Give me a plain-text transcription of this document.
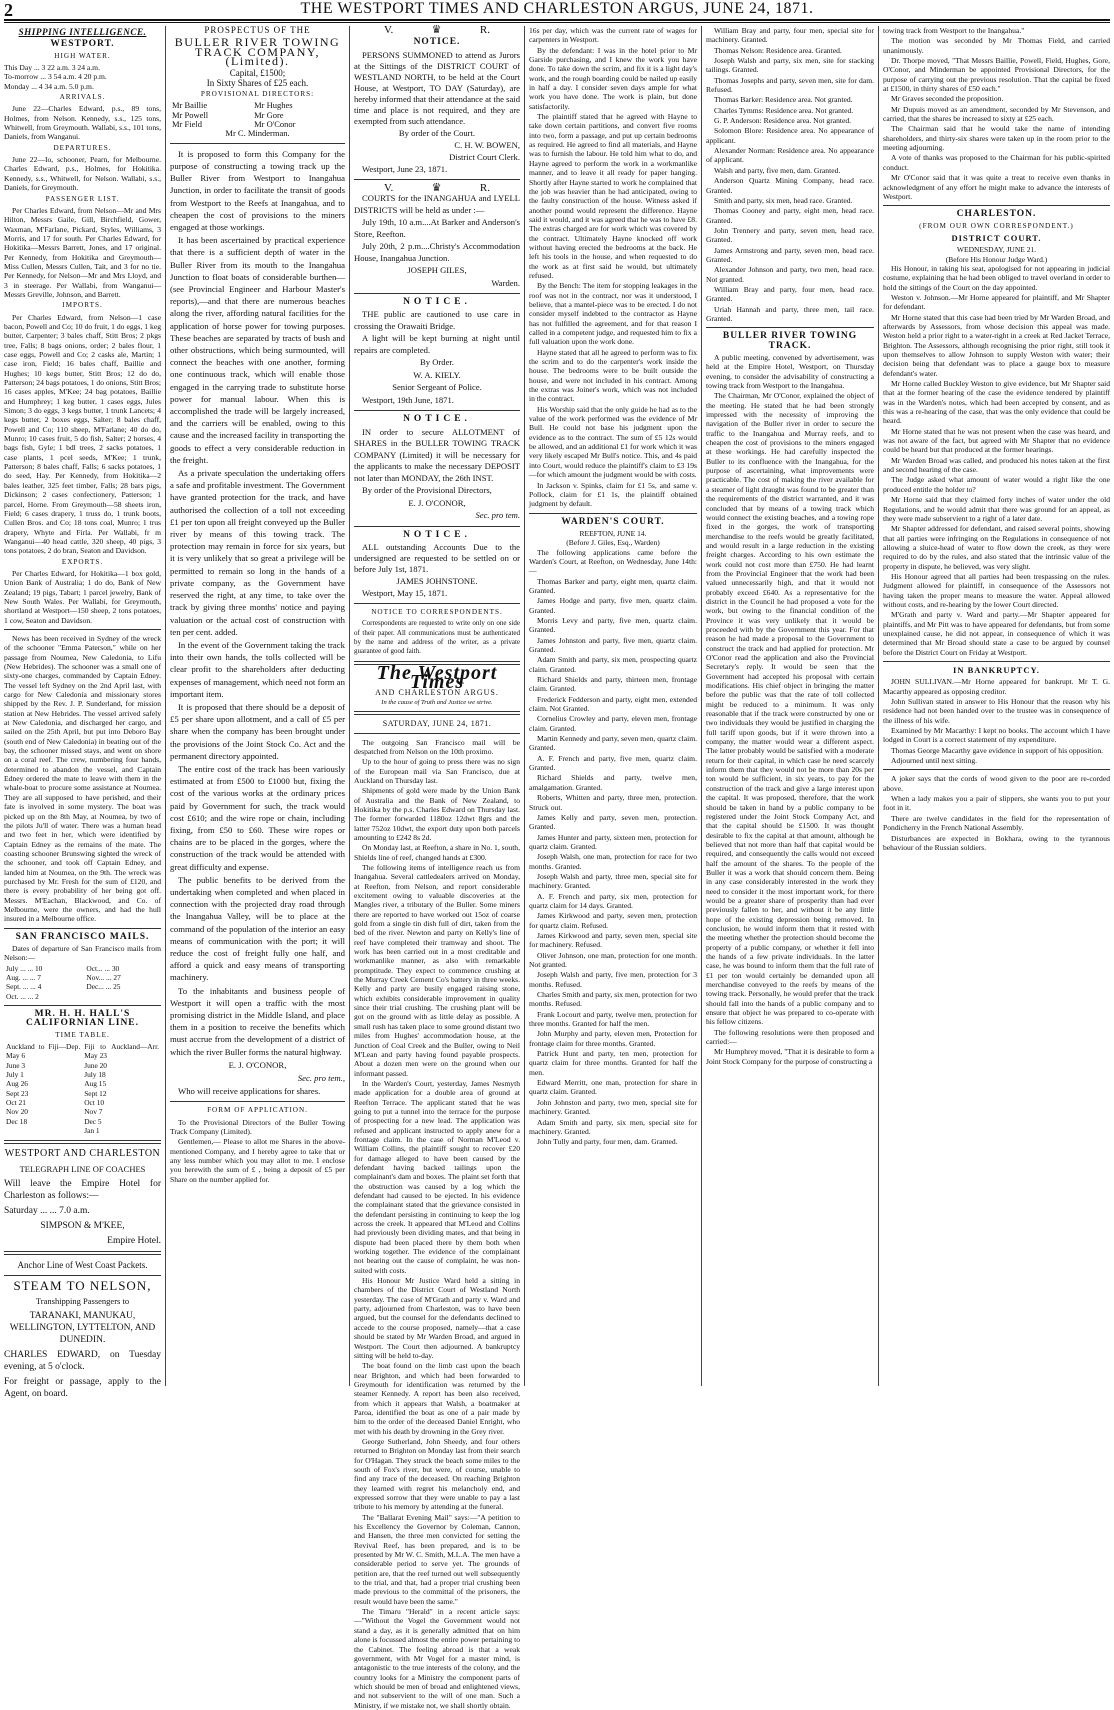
2	THE WESTPORT TIMES AND CHARLESTON ARGUS, JUNE 24, 1871.
SHIPPING INTELLIGENCE.
WESTPORT.
HIGH WATER.
This Day ... 3 22 a.m. 3 24 a.m.
To-morrow ... 3 54 a.m. 4 20 p.m.
Monday ... 4 34 a.m. 5.0 p.m.
ARRIVALS.

June 22—Charles Edward, p.s., 89 tons, Holmes, from Nelson. Kennedy, s.s., 125 tons, Whitwell, from Greymouth. Wallabi, s.s., 101 tons, Daniels, from Wanganui.

DEPARTURES.

June 22—Io, schooner, Pearn, for Melbourne. Charles Edward, p.s., Holmes, for Hokitika. Kennedy, s.s., Whitwell, for Nelson. Wallabi, s.s., Daniels, for Greymouth.

PASSENGER LIST.

Per Charles Edward, from Nelson—Mr and Mrs Hilton, Messrs Gaile, Gill, Birchfield, Gower, Waxman, M'Farlane, Pickard, Styles, Williams, 3 Morris, and 17 for south. Per Charles Edward, for Hokitika—Messrs Barrett, Jones, and 17 original. Per Kennedy, from Hokitika and Greymouth—Miss Cullen, Messrs Cullen, Tait, and 3 for no tie. Per Kennedy, for Nelson—Mr and Mrs Lloyd, and 3 in steerage. Per Wallabi, from Wanganui—Messrs Greville, Johnson, and Barrett.

IMPORTS.

Per Charles Edward, from Nelson—1 case bacon, Powell and Co; 10 do fruit, 1 do eggs, 1 keg butter, Carpenter; 3 bales chaff, Stitt Bros; 2 pkgs tree, Falls; 8 bags onions, order; 2 bales flour, 1 case eggs, Powell and Co; 2 casks ale, Martin; 1 case iron, Field; 16 bales chaff, Baillie and Hughes; 10 kegs butter, Stitt Bros; 12 do do, Patterson; 24 bags potatoes, 1 do onions, Stitt Bros; 16 cases apples, M'Kee; 24 bag potatoes, Baillie and Humphrey; 1 keg butter, 1 cases eggs, Jules Simon; 3 do eggs, 3 kegs butter, 1 trunk Lancets; 4 kegs butter, 2 boxes eggs, Salter; 8 bales chaff, Powell and Co; 110 sheep, M'Farlane; 40 do do, Munro; 10 cases fruit, 5 do fish, Salter; 2 horses, 4 bags fish, Gyle; 1 bdl trees, 2 sacks potatoes, 1 case plants, 1 pcel seeds, M'Kee; 1 trunk, Patterson; 8 bales chaff, Falls; 6 sacks potatoes, 1 do seed, Hay. Per Kennedy, from Hokitika—2 bales leather, 325 feet timber, Falls; 28 bars pigs, Dickinson; 2 cases confectionery, Patterson; 1 parcel, Horne. From Greymouth—58 sheets iron, Field; 6 cases drapery, 1 truss do, 1 trunk boots, Cullen Bros. and Co; 18 tons coal, Munro; 1 trus drapery, Whyte and Firla. Per Wallabi, fr m Wanganui—40 head cattle, 320 sheep, 40 pigs, 3 tons potatoes, 2 do bran, Seaton and Davidson.

EXPORTS.

Per Charles Edward, for Hokitika—1 box gold, Union Bank of Australia; 1 do do, Bank of New Zealand; 19 pigs, Tabart; 1 parcel jewelry, Bank of New South Wales. Per Wallabi, for Greymouth, shortland at Westport—150 sheep, 2 tons potatoes, 1 cow, Seaton and Davidson.

News has been received in Sydney of the wreck of the schooner "Emma Paterson," while on her passage from Noumea, New Caledonia, to Lifu (New Hebrides). The schooner was a small one of sixty-one charges, commanded by Captain Edney. The vessel left Sydney on the 2nd April last, with cargo for New Caledonia and missionary stores shipped by the Rev. J. P. Sunderland, for mission station at New Hebrides. The vessel arrived safely at New Caledonia, and discharged her cargo, and sailed on the 25th April, but put into Deboro Bay (south end of New Caledonia) in beating out of the bay, the schooner missed stays, and went on shore on a coral reef. The crew, numbering four hands, determined to abandon the vessel, and Captain Edney ordered the mate to leave with them in the whale-boat to procure some assistance at Noumea. They are all supposed to have perished, and their fate is involved in some mystery. The boat was picked up on the 8th May, at Noumea, by two of the pilots Ju'll of water. There was a human head and two feet in her, which were identified by Captain Edney as the remains of the mate. The coasting schooner Brunswing sighted the wreck of the schooner, and took off Captain Edney, and landed him at Noumea, on the 9th. The wreck was purchased by Mr. Fresh for the sum of £120, and there is every probability of her being got off. Messrs. M'Eachan, Blackwood, and Co. of Melbourne, were the owners, and had the hull insured in a Melbourne office.

SAN FRANCISCO MAILS.

Dates of departure of San Francisco mails from Nelson:—

July ... ... 10	Oct... ... 30
Aug. ... ... 7	Nov... ... 27
Sept. ... ... 4	Dec... ... 25
Oct. ... ... 2	
MR. H. H. HALL'S CALIFORNIAN LINE.
TIME TABLE.
Auckland to Fiji—Dep. May 6	Fiji to Auckland—Arr. May 23
June 3	June 20
July 1	July 18
Aug 26	Aug 15
Sept 23	Sept 12
Oct 21	Oct 10
Nov 20	Nov 7
Dec 18	Dec 5
	Jan 1

WESTPORT AND CHARLESTON

TELEGRAPH LINE OF COACHES

Will leave the Empire Hotel for Charleston as follows:—

Saturday ... ... 7.0 a.m.

SIMPSON & M'KEE,

Empire Hotel.

Anchor Line of West Coast Packets.

STEAM TO NELSON,

Transhipping Passengers to

TARANAKI, MANUKAU, WELLINGTON, LYTTELTON, AND DUNEDIN.

CHARLES EDWARD, on Tuesday evening, at 5 o'clock.

For freight or passage, apply to the Agent, on board.

PROSPECTUS OF THE
BULLER RIVER TOWING TRACK COMPANY, (Limited).
Capital, £1500;
In Sixty Shares of £25 each.
PROVISIONAL DIRECTORS:
Mr Baillie	Mr Hughes
Mr Powell	Mr Gore
Mr Field	Mr O'Conor
Mr C. Minderman.

It is proposed to form this Company for the purpose of constructing a towing track up the Buller River from Westport to Inangahua Junction, in order to facilitate the transit of goods from Westport to the Reefs at Inangahua, and to cheapen the cost of provisions to the miners engaged at those workings.

It has been ascertained by practical experience that there is a sufficient depth of water in the Buller River from its mouth to the Inangahua Junction to float boats of considerable burthen—(see Provincial Engineer and Harbour Master's reports),—and that there are numerous beaches along the river, affording natural facilities for the application of horse power for towing purposes. These beaches are separated by tracts of bush and other obstructions, which being surmounted, will connect the beaches with one another, forming one continuous track, which will enable those engaged in the carrying trade to substitute horse power for manual labour. When this is accomplished the trade will be largely increased, and the carriers will be enabled, owing to this cause and the increased facility in transporting the goods to effect a very considerable reduction in the freight.

As a private speculation the undertaking offers a safe and profitable investment. The Government have granted protection for the track, and have authorised the collection of a toll not exceeding £1 per ton upon all freight conveyed up the Buller river by means of this towing track. The protection may remain in force for six years, but it is very unlikely that so great a privilege will be permitted to remain so long in the hands of a private company, as the Government have reserved the right, at any time, to take over the track by giving three months' notice and paying valuation or the actual cost of construction with ten per cent. added.

In the event of the Government taking the track into their own hands, the tolls collected will be clear profit to the shareholders after deducting expenses of management, which need not form an important item.

It is proposed that there should be a deposit of £5 per share upon allotment, and a call of £5 per share when the company has been brought under the provisions of the Joint Stock Co. Act and the permanent directory appointed.

The entire cost of the track has been variously estimated at from £500 to £1000 but, fixing the cost of the various works at the ordinary prices paid by Government for such, the track would cost £610; and the wire rope or chain, including fixing, from £50 to £60. These wire ropes or chains are to be placed in the gorges, where the construction of the track would be attended with great difficulty and expense.

The public benefits to be derived from the undertaking when completed and when placed in connection with the projected dray road through the Inangahua Valley, will be to place at the command of the population of the interior an easy means of communication with the port; it will reduce the cost of freight fully one half, and afford a quick and easy means of transporting machinery.

To the inhabitants and business people of Westport it will open a traffic with the most promising district in the Middle Island, and place them in a position to receive the benefits which must accrue from the development of a district of which the river Buller forms the natural highway.

E. J. O'CONOR,

Sec. pro tem.,

Who will receive applications for shares.

FORM OF APPLICATION.

To the Provisional Directors of the Buller Towing Track Company (Limited).

Gentlemen,— Please to allot me Shares in the above-mentioned Company, and I hereby agree to take that or any less number which you may allot to me. I enclose you herewith the sum of £ , being a deposit of £5 per Share on the number applied for.

V.	♛	R.
NOTICE.

PERSONS SUMMONED to attend as Jurors at the Sittings of the DISTRICT COURT of WESTLAND NORTH, to be held at the Court House, at Westport, TO DAY (Saturday), are hereby informed that their attendance at the said time and place is not required, and they are exempted from such attendance.

By order of the Court.

C. H. W. BOWEN,

District Court Clerk.

Westport, June 23, 1871.

V.	♛	R.

COURTS for the INANGAHUA and LYELL DISTRICTS will be held as under :—

July 19th, 10 a.m....At Barker and Anderson's Store, Reefton.

July 20th, 2 p.m....Christy's Accommodation House, Inangahua Junction.

JOSEPH GILES,

Warden.

NOTICE.

THE public are cautioned to use care in crossing the Orawaiti Bridge.

A light will be kept burning at night until repairs are completed.

By Order.

W. A. KIELY.

Senior Sergeant of Police.

Westport, 19th June, 1871.

NOTICE.

IN order to secure ALLOTMENT of SHARES in the BULLER TOWING TRACK COMPANY (Limited) it will be necessary for the applicants to make the necessary DEPOSIT not later than MONDAY, the 26th INST.

By order of the Provisional Directors,

E. J. O'CONOR,

Sec. pro tem.

NOTICE.

ALL outstanding Accounts Due to the undersigned are requested to be settled on or before July 1st, 1871.

JAMES JOHNSTONE.

Westport, May 15, 1871.

NOTICE TO CORRESPONDENTS.

Correspondents are requested to write only on one side of their paper. All communications must be authenticated by the name and address of the writer, as a private guarantee of good faith.

The Westport Times
AND CHARLESTON ARGUS.
In the cause of Truth and Justice we strive.
SATURDAY, JUNE 24, 1871.

The outgoing San Francisco mail will be despatched from Nelson on the 10th proximo.

Up to the hour of going to press there was no sign of the European mail via San Francisco, due at Auckland on Thursday last.

Shipments of gold were made by the Union Bank of Australia and the Bank of New Zealand, to Hokitika by the p.s. Charles Edward on Thursday last. The former forwarded 1180oz 12dwt 8grs and the latter 752oz 10dwt, the export duty upon both parcels amounting to £242 8s 2d.

On Monday last, at Reefton, a share in No. 1, south, Shields line of reef, changed hands at £300.

The following items of intelligence reach us from Inangahua. Several cattledealers arrived on Monday, at Reefton, from Nelson, and report considerable excitement owing to valuable discoveries at the Mangles river, a tributary of the Buller. Some miners there are reported to have worked out 15oz of coarse gold from a single tin dish full of dirt, taken from the bed of the river. Newton and party on Kelly's line of reef have completed their tramway and shoot. The work has been carried out in a most creditable and workmanlike manner, as also with remarkable promptitude. They expect to commence crushing at the Murray Creek Cement Co's battery in three weeks. Kelly and party are busily engaged raising stone, which exhibits considerable improvement in quality since their trial crushing. The crushing plant will be got on the ground with as little delay as possible. A small rush has taken place to some ground distant two miles from Hughes' accommodation house, at the Junction of Coal Creek and the Buller, owing to Neil M'Lean and party having found payable prospects. About a dozen men were on the ground when our informant passed.

In the Warden's Court, yesterday, James Nesmyth made application for a double area of ground at Reefton Terrace. The applicant stated that he was going to put a tunnel into the terrace for the purpose of prospecting for a new lead. The application was refused and applicant instructed to apply anew for a frontage claim. In the case of Norman M'Leod v. William Collins, the plaintiff sought to recover £20 for damage alleged to have been caused by the defendant having backed tailings upon the complainant's dam and boxes. The plaint set forth that the obstruction was caused by a log which the defendant had caused to be ejected. In his evidence the complainant stated that the grievance consisted in the defendant persisting in continuing to keep the log across the creek. It appeared that M'Leod and Collins had previously been dividing mates, and that being in dispute had been placed there by them both when working together. The evidence of the complainant not bearing out the cause of complaint, he was non-suited with costs.

His Honour Mr Justice Ward held a sitting in chambers of the District Court of Westland North yesterday. The case of M'Grath and party v. Ward and party, adjourned from Charleston, was to have been argued, but the counsel for the defendants declined to accede to the course proposed, namely—that a case should be stated by Mr Warden Broad, and argued in Westport. The Court then adjourned. A bankruptcy sitting will be held to-day.

The boat found on the limb cast upon the beach near Brighton, and which had been forwarded to Greymouth for identification was returned by the steamer Kennedy. A report has been also received, from which it appears that Walsh, a boatmaker at Paroa, identified the boat as one of a pair made by him to the order of the deceased Daniel Enright, who met with his death by drowning in the Grey river.

George Sutherland, John Sheedy, and four others returned to Brighton on Monday last from their search for O'Hagan. They struck the beach some miles to the south of Fox's river, but were, of course, unable to find any trace of the deceased. On reaching Brighton they learned with regret his melancholy end, and expressed sorrow that they were unable to pay a last tribute to his memory by attending at the funeral.

The "Ballarat Evening Mail" says:—"A petition to his Excellency the Governor by Coleman, Cannon, and Hansen, the three men convicted for setting the Revival Reef, has been prepared, and is to be presented by Mr W. C. Smith, M.L.A. The men have a considerable period to serve yet. The grounds of petition are, that the reef turned out well subsequently to the trial, and that, had a proper trial crushing been made previous to the committal of the prisoners, the result would have been the same."

The Timaru "Herald" in a recent article says:—"Without the Vogel the Government would not stand a day, as it is generally admitted that on him alone is focussed almost the entire power pertaining to the Cabinet. The feeling abroad is that a weak government, with Mr Vogel for a master mind, is antagonistic to the true interests of the colony, and the country looks for a Ministry the component parts of which should be men of broad and enlightened views, and not subservient to the will of one man. Such a Ministry, if we mistake not, we shall shortly obtain.

16s per day, which was the current rate of wages for carpenters in Westport.

By the defendant: I was in the hotel prior to Mr Garside purchasing, and I knew the work you have done. To take down the scrim, and fix it is a light day's work, and the rough boarding could be nailed up easily in half a day. I consider seven days ample for what work you have done. The work is plain, but done satisfactorily.

The plaintiff stated that he agreed with Hayne to take down certain partitions, and convert five rooms into two, form a passage, and put up certain bedrooms as required. He agreed to find all materials, and Hayne was to furnish the labour. He told him what to do, and Hayne agreed to perform the work in a workmanlike manner, and to leave it all ready for paper hanging. Shortly after Hayne started to work he complained that the job was heavier than he had anticipated, owing to the faulty construction of the house. Witness asked if another pound would represent the difference. Hayne said it would, and it was agreed that he was to have £8. The extras charged are for work which was covered by the contract. Ultimately Hayne knocked off work without having erected the bedrooms at the back. He left his tools in the house, and when requested to do the work as at first said he would, but ultimately refused.

By the Bench: The item for stopping leakages in the roof was not in the contract, nor was it understood, I believe, that a mantel-piece was to be erected. I do not consider myself indebted to the contractor as Hayne has not fulfilled the agreement, and for that reason I called in a competent judge, and requested him to fix a full valuation upon the work done.

Hayne stated that all he agreed to perform was to fix the scrim and to do the carpenter's work inside the house. The bedrooms were to be built outside the house, and were not included in his contract. Among the extras was Joiner's work, which was not included in the contract.

His Worship said that the only guide he had as to the value of the work performed was the evidence of Mr Bull. He could not base his judgment upon the evidence as to the contract. The sum of £5 12s would be allowed, and an additional £1 for work which it was very likely escaped Mr Bull's notice. This, and 4s paid into Court, would reduce the plaintiff's claim to £3 19s—for which amount the judgment would be with costs.

In Jackson v. Spinks, claim for £1 5s, and same v. Pollock, claim for £1 1s, the plaintiff obtained judgment by default.

WARDEN'S COURT.
REEFTON, JUNE 14.
(Before J. Giles, Esq., Warden)

The following applications came before the Warden's Court, at Reefton, on Wednesday, June 14th:—

Thomas Barker and party, eight men, quartz claim. Granted.

James Hodge and party, five men, quartz claim. Granted.

Morris Levy and party, five men, quartz claim. Granted.

James Johnston and party, five men, quartz claim. Granted.

Adam Smith and party, six men, prospecting quartz claim. Granted.

Richard Shields and party, thirteen men, frontage claim. Granted.

Frederick Fedderson and party, eight men, extended claim. Not Granted.

Cornelius Crowley and party, eleven men, frontage claim. Granted.

Martin Kennedy and party, seven men, quartz claim. Granted.

A. F. French and party, five men, quartz claim. Granted.

Richard Shields and party, twelve men, amalgamation. Granted.

Roberts, Whitten and party, three men, protection. Struck out.

James Kelly and party, seven men, protection. Granted.

James Hunter and party, sixteen men, protection for quartz claim. Granted.

Joseph Walsh, one man, protection for race for two months. Granted.

Joseph Walsh and party, three men, special site for machinery. Granted.

A. F. French and party, six men, protection for quartz claim for 14 days. Granted.

James Kirkwood and party, seven men, protection for quartz claim. Refused.

James Kirkwood and party, seven men, special site for machinery. Refused.

Oliver Johnson, one man, protection for one month. Not granted.

Joseph Walsh and party, five men, protection for 3 months. Refused.

Charles Smith and party, six men, protection for two months. Refused.

Frank Locourt and party, twelve men, protection for three months. Granted for half the men.

John Murphy and party, eleven men, Protection for frontage claim for three months. Granted.

Patrick Hunt and party, ten men, protection for quartz claim for three months. Granted for half the men.

Edward Merritt, one man, protection for share in quartz claim. Granted.

John Johnston and party, two men, special site for machinery. Granted.

Adam Smith and party, six men, special site for machinery. Granted.

John Tully and party, four men, dam. Granted.

William Bray and party, four men, special site for machinery. Granted.

Thomas Nelson: Residence area. Granted.

Joseph Walsh and party, six men, site for stacking tailings. Granted.

Thomas Josephs and party, seven men, site for dam. Refused.

Thomas Barker: Residence area. Not granted.

Charles Tymms: Residence area. Not granted.

G. P. Anderson: Residence area. Not granted.

Solomon Blore: Residence area. No appearance of applicant.

Alexander Norman: Residence area. No appearance of applicant.

Walsh and party, five men, dam. Granted.

Anderson Quartz Mining Company, head race. Granted.

Smith and party, six men, head race. Granted.

Thomas Cooney and party, eight men, head race. Granted.

John Trennery and party, seven men, head race. Granted.

James Armstrong and party, seven men, head race. Granted.

Alexander Johnson and party, two men, head race. Not granted.

William Bray and party, four men, head race. Granted.

Uriah Hannah and party, three men, tail race. Granted.

BULLER RIVER TOWING TRACK.

A public meeting, convened by advertisement, was held at the Empire Hotel, Westport, on Thursday evening, to consider the advisability of constructing a towing track from Westport to the Inangahua.

The Chairman, Mr O'Conor, explained the object of the meeting. He stated that he had been strongly impressed with the necessity of improving the navigation of the Buller river in order to secure the traffic to the Inangahua and Murray reefs, and to cheapen the cost of provisions to the miners engaged at these workings. He had carefully inspected the Buller to its confluence with the Inangahua, for the purpose of ascertaining, what improvements were practicable. The cost of making the river available for a steamer of light draught was found to be greater than the requirements of the district warranted, and it was concluded that by means of a towing track which would connect the existing beaches, and a towing rope fixed in the gorges, the work of transporting merchandise to the reefs would be greatly facilitated, and would result in a large reduction in the existing freight charges. According to his own estimate the work could not cost more than £750. He had learnt from the Provincial Engineer that the work had been valued unnecessarily high, and that it would not probably exceed £640. As a representative for the district in the Council he had proposed a vote for the work, but owing to the financial condition of the Province it was very unlikely that it would be proceeded with by the Government this year. For that reason he had made a proposal to the Government to construct the track and had applied for protection. Mr O'Conor read the application and also the Provincial Secretary's reply. It would be seen that the Government had accepted his proposal with certain modifications. His chief object in bringing the matter before the public was that the rate of toll collected might be reduced to a minimum. It was only reasonable that if the track were constructed by one or two individuals they would be justified in charging the full tariff upon goods, but if it were thrown into a company, the matter would wear a different aspect. The latter probably would be satisfied with a moderate return for their capital, in which case he need scarcely inform them that they would not be more than 20s per ton would be sufficient, in six years, to pay for the construction of the track and give a large interest upon the capital. It was proposed, therefore, that the work should be taken in hand by a public company to be registered under the Joint Stock Company Act, and that the capital should be £1500. It was thought desirable to fix the capital at that amount, although he believed that not more than half that capital would be required, and consequently the calls would not exceed half the amount of the shares. To the people of the Buller it was a work that should concern them. Being in any case considerably interested in the work they need to consider it the most important work, for there would be a greater share of prosperity than had ever previously fallen to her, and without it be any little hope of the existing depression being removed. In conclusion, he would inform them that it rested with the meeting whether the protection should become the property of a public company, or whether it fell into the hands of a few private individuals. In the latter case, he was bound to inform them that the full rate of £1 per ton would certainly be demanded upon all merchandise conveyed to the reefs by means of the towing track. Personally, he would prefer that the track should fall into the hands of a public company and to ensure that object he was prepared to co-operate with his fellow citizens.

The following resolutions were then proposed and carried:—

Mr Humphrey moved, "That it is desirable to form a Joint Stock Company for the purpose of constructing a

towing track from Westport to the Inangahua."

The motion was seconded by Mr Thomas Field, and carried unanimously.

Dr. Thorpe moved, "That Messrs Baillie, Powell, Field, Hughes, Gore, O'Conor, and Minderman be appointed Provisional Directors, for the purpose of carrying out the previous resolution. That the capital be fixed at £1500, in thirty shares of £50 each."

Mr Graves seconded the proposition.

Mr Dupuis moved as an amendment, seconded by Mr Stevenson, and carried, that the shares be increased to sixty at £25 each.

The Chairman said that he would take the name of intending shareholders, and thirty-six shares were taken up in the room prior to the meeting adjourning.

A vote of thanks was proposed to the Chairman for his public-spirited conduct.

Mr O'Conor said that it was quite a treat to receive even thanks in acknowledgment of any effort he might make to advance the interests of Westport.

CHARLESTON.
(FROM OUR OWN CORRESPONDENT.)
DISTRICT COURT.
WEDNESDAY, JUNE 21.
(Before His Honour Judge Ward.)

His Honour, in taking his seat, apologised for not appearing in judicial costume, explaining that he had been obliged to travel overland in order to hold the sittings of the Court on the day appointed.

Weston v. Johnson.—Mr Horne appeared for plaintiff, and Mr Shapter for defendant.

Mr Horne stated that this case had been tried by Mr Warden Broad, and afterwards by Assessors, from whose decision this appeal was made. Weston held a prior right to a water-right in a creek at Red Jacket Terrace, Brighton. The Assessors, although recognising the prior right, still took it upon themselves to allow Johnson to supply Weston with water; their decision being that defendant was to place a gauge box to measure defendant's water.

Mr Horne called Buckley Weston to give evidence, but Mr Shapter said that at the former hearing of the case the evidence tendered by plaintiff was in the Warden's notes, which had been accepted by consent, and as this was a re-hearing of the case, that was the only evidence that could be heard.

Mr Horne stated that he was not present when the case was heard, and was not aware of the fact, but agreed with Mr Shapter that no evidence could be heard but that produced at the former hearings.

Mr Warden Broad was called, and produced his notes taken at the first and second hearing of the case.

The Judge asked what amount of water would a right like the one produced entitle the holder to?

Mr Horne said that they claimed forty inches of water under the old Regulations, and he would admit that there was ground for an appeal, as they were made subservient to a right of a later date.

Mr Shapter addressed for defendant, and raised several points, showing that all parties were infringing on the Regulations in consequence of not allowing a sluice-head of water to flow down the creek, as they were required to do by the rules, and also stated that the intrinsic value of the property in dispute, he believed, was very slight.

His Honour agreed that all parties had been trespassing on the rules. Judgment allowed for plaintiff, in consequence of the Assessors not having taken the proper means to measure the water. Appeal allowed without costs, and re-hearing by the lower Court directed.

M'Grath and party v. Ward and party.—Mr Shapter appeared for plaintiffs, and Mr Pitt was to have appeared for defendants, but from some unexplained cause, he did not appear, in consequence of which it was determined that Mr Broad should state a case to be argued by counsel before the District Court on Friday at Westport.

IN BANKRUPTCY.

JOHN SULLIVAN.—Mr Horne appeared for bankrupt. Mr T. G. Macarthy appeared as opposing creditor.

John Sullivan stated in answer to His Honour that the reason why his residence had not been handed over to the trustee was in consequence of the illness of his wife.

Examined by Mr Macarthy: I kept no books. The account which I have lodged in Court is a correct statement of my expenditure.

Thomas George Macarthy gave evidence in support of his opposition.

Adjourned until next sitting.

A joker says that the cords of wood given to the poor are re-corded above.

When a lady makes you a pair of slippers, she wants you to put your foot in it.

There are twelve candidates in the field for the representation of Pondicherry in the French National Assembly.

Disturbances are expected in Bokhara, owing to the tyrannous behaviour of the Russian soldiers.
